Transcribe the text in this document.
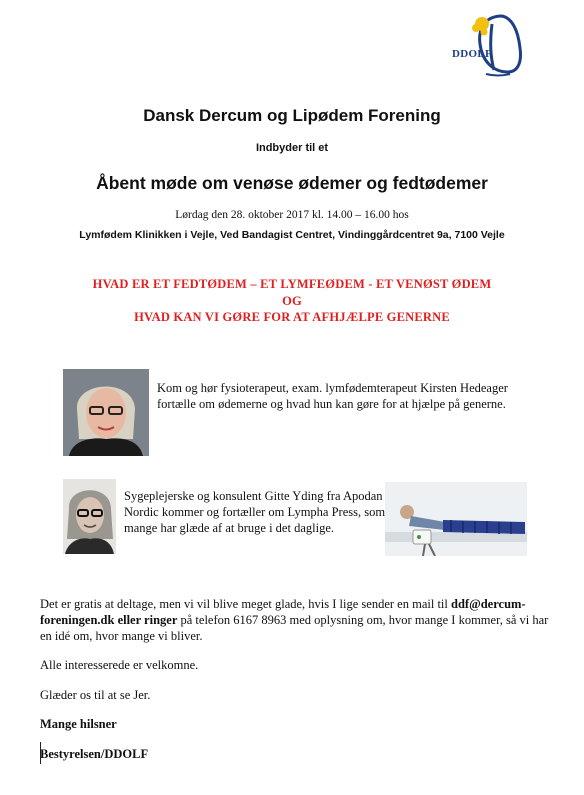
DDOLF
Dansk Dercum og Lipødem Forening
Indbyder til et
Åbent møde om venøse ødemer og fedtødemer
Lørdag den 28. oktober 2017 kl. 14.00 – 16.00 hos
Lymfødem Klinikken i Vejle, Ved Bandagist Centret, Vindinggårdcentret 9a, 7100 Vejle
HVAD ER ET FEDTØDEM – ET LYMFEØDEM - ET VENØST ØDEM
OG
HVAD KAN VI GØRE FOR AT AFHJÆLPE GENERNE
Kom og hør fysioterapeut, exam. lymfødemterapeut Kirsten Hedeager fortælle om ødemerne og hvad hun kan gøre for at hjælpe på generne.
Sygeplejerske og konsulent Gitte Yding fra Apodan Nordic kommer og fortæller om Lympha Press, som mange har glæde af at bruge i det daglige.
Det er gratis at deltage, men vi vil blive meget glade, hvis I lige sender en mail til ddf@dercum-foreningen.dk eller ringer på telefon 6167 8963 med oplysning om, hvor mange I kommer, så vi har en idé om, hvor mange vi bliver.
Alle interesserede er velkomne.
Glæder os til at se Jer.
Mange hilsner
Bestyrelsen/DDOLF
